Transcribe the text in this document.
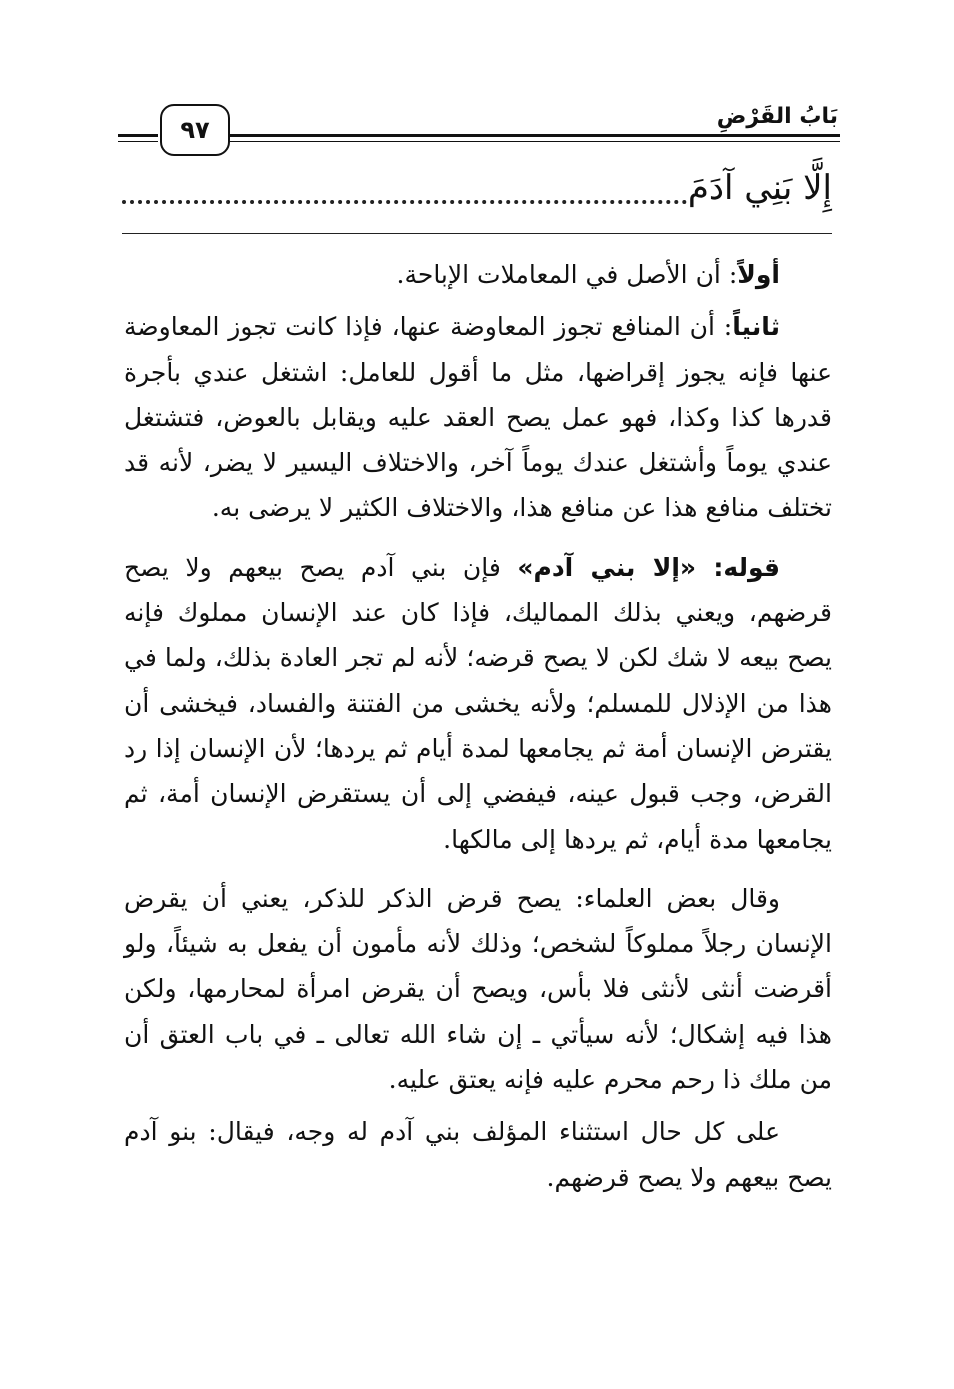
بَابُ القَرْضِ
٩٧
إِلَّا بَنِي آدَمَ

أولاً: أن الأصل في المعاملات الإباحة.

ثانياً: أن المنافع تجوز المعاوضة عنها، فإذا كانت تجوز المعاوضة عنها فإنه يجوز إقراضها، مثل ما أقول للعامل: اشتغل عندي بأجرة قدرها كذا وكذا، فهو عمل يصح العقد عليه ويقابل بالعوض، فتشتغل عندي يوماً وأشتغل عندك يوماً آخر، والاختلاف اليسير لا يضر، لأنه قد تختلف منافع هذا عن منافع هذا، والاختلاف الكثير لا يرضى به.

قوله: «إلا بني آدم» فإن بني آدم يصح بيعهم ولا يصح قرضهم، ويعني بذلك المماليك، فإذا كان عند الإنسان مملوك فإنه يصح بيعه لا شك لكن لا يصح قرضه؛ لأنه لم تجر العادة بذلك، ولما في هذا من الإذلال للمسلم؛ ولأنه يخشى من الفتنة والفساد، فيخشى أن يقترض الإنسان أمة ثم يجامعها لمدة أيام ثم يردها؛ لأن الإنسان إذا رد القرض، وجب قبول عينه، فيفضي إلى أن يستقرض الإنسان أمة، ثم يجامعها مدة أيام، ثم يردها إلى مالكها.

وقال بعض العلماء: يصح قرض الذكر للذكر، يعني أن يقرض الإنسان رجلاً مملوكاً لشخص؛ وذلك لأنه مأمون أن يفعل به شيئاً، ولو أقرضت أنثى لأنثى فلا بأس، ويصح أن يقرض امرأة لمحارمها، ولكن هذا فيه إشكال؛ لأنه سيأتي ـ إن شاء الله تعالى ـ في باب العتق أن من ملك ذا رحم محرم عليه فإنه يعتق عليه.

على كل حال استثناء المؤلف بني آدم له وجه، فيقال: بنو آدم يصح بيعهم ولا يصح قرضهم.
